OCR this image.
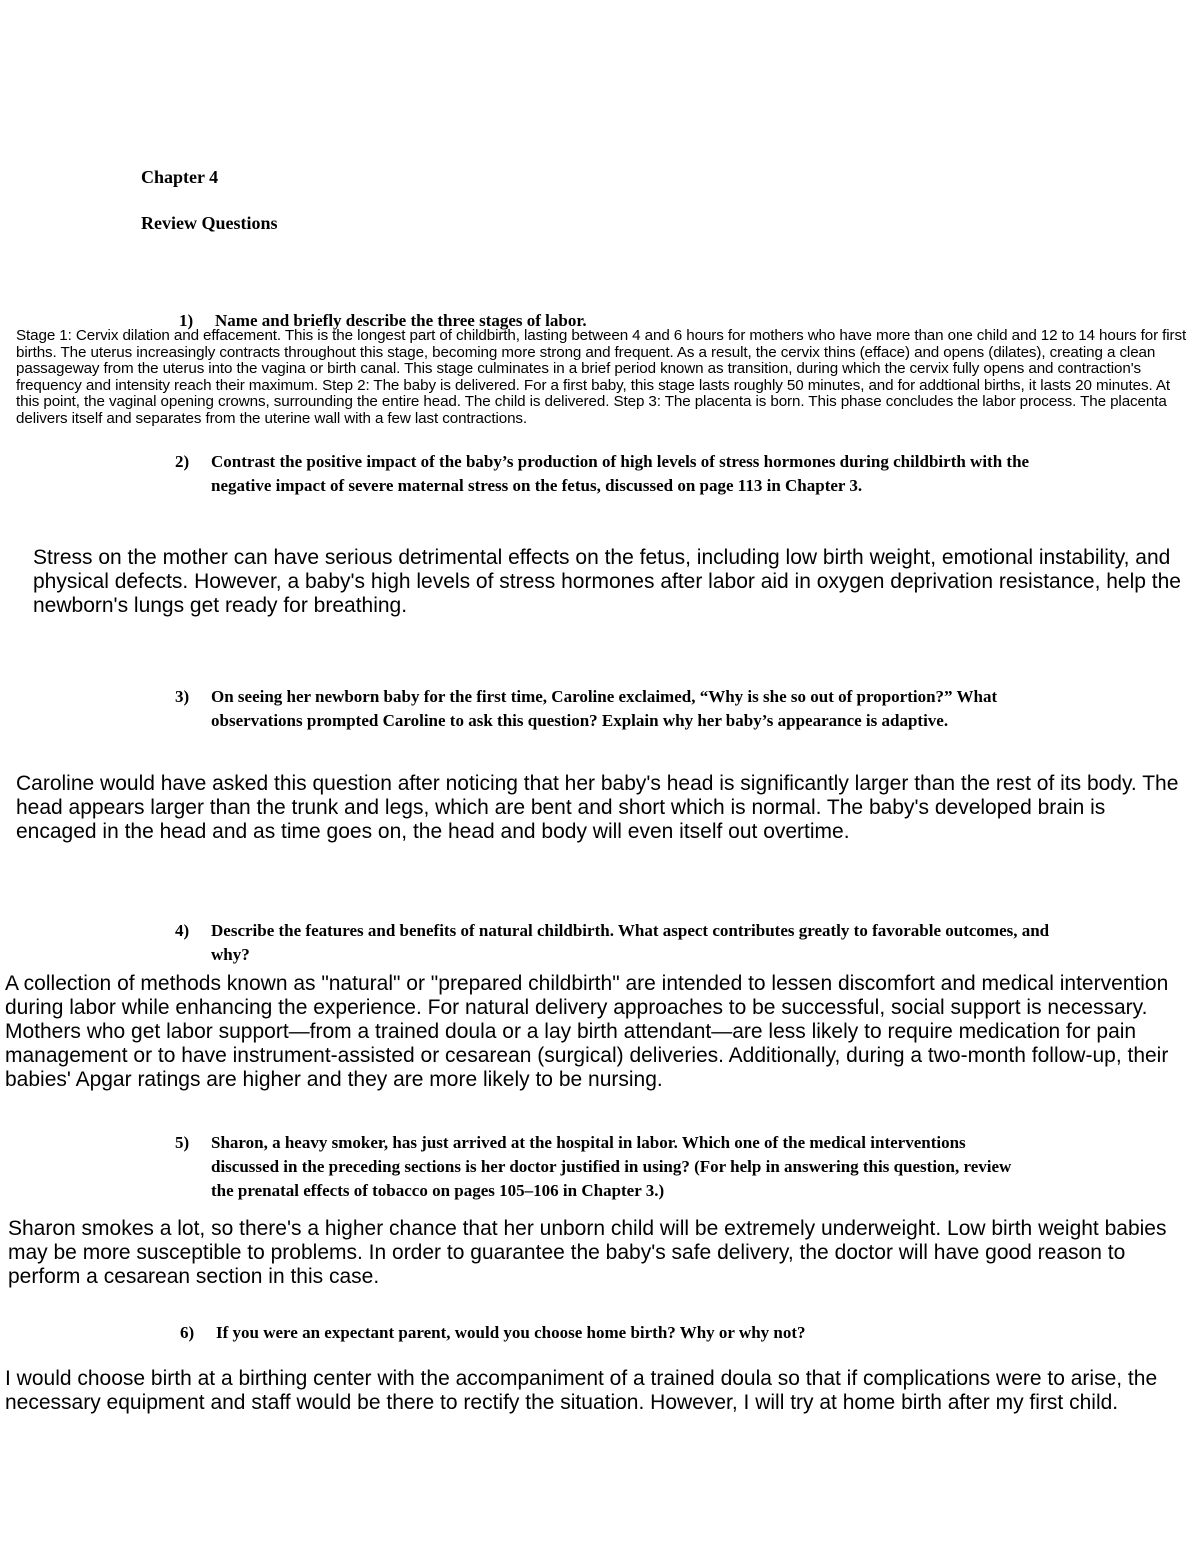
Chapter 4

Review Questions

1) Name and briefly describe the three stages of labor.

Stage 1: Cervix dilation and effacement. This is the longest part of childbirth, lasting between 4 and 6 hours for mothers who have more than one child and 12 to 14 hours for first births. The uterus increasingly contracts throughout this stage, becoming more strong and frequent. As a result, the cervix thins (efface) and opens (dilates), creating a clean passageway from the uterus into the vagina or birth canal. This stage culminates in a brief period known as transition, during which the cervix fully opens and contraction's frequency and intensity reach their maximum. Step 2: The baby is delivered. For a first baby, this stage lasts roughly 50 minutes, and for addtional births, it lasts 20 minutes. At this point, the vaginal opening crowns, surrounding the entire head. The child is delivered. Step 3: The placenta is born. This phase concludes the labor process. The placenta delivers itself and separates from the uterine wall with a few last contractions.

2) Contrast the positive impact of the baby’s production of high levels of stress hormones during childbirth with the negative impact of severe maternal stress on the fetus, discussed on page 113 in Chapter 3.

Stress on the mother can have serious detrimental effects on the fetus, including low birth weight, emotional instability, and physical defects. However, a baby's high levels of stress hormones after labor aid in oxygen deprivation resistance, help the newborn's lungs get ready for breathing.

3) On seeing her newborn baby for the first time, Caroline exclaimed, “Why is she so out of proportion?” What observations prompted Caroline to ask this question? Explain why her baby’s appearance is adaptive.

Caroline would have asked this question after noticing that her baby's head is significantly larger than the rest of its body. The head appears larger than the trunk and legs, which are bent and short which is normal. The baby's developed brain is encaged in the head and as time goes on, the head and body will even itself out overtime.

4) Describe the features and benefits of natural childbirth. What aspect contributes greatly to favorable outcomes, and why?

A collection of methods known as "natural" or "prepared childbirth" are intended to lessen discomfort and medical intervention during labor while enhancing the experience. For natural delivery approaches to be successful, social support is necessary. Mothers who get labor support—from a trained doula or a lay birth attendant—are less likely to require medication for pain management or to have instrument-assisted or cesarean (surgical) deliveries. Additionally, during a two-month follow-up, their babies' Apgar ratings are higher and they are more likely to be nursing.

5) Sharon, a heavy smoker, has just arrived at the hospital in labor. Which one of the medical interventions discussed in the preceding sections is her doctor justified in using? (For help in answering this question, review the prenatal effects of tobacco on pages 105–106 in Chapter 3.)

Sharon smokes a lot, so there's a higher chance that her unborn child will be extremely underweight. Low birth weight babies may be more susceptible to problems. In order to guarantee the baby's safe delivery, the doctor will have good reason to perform a cesarean section in this case.

6) If you were an expectant parent, would you choose home birth? Why or why not?

I would choose birth at a birthing center with the accompaniment of a trained doula so that if complications were to arise, the necessary equipment and staff would be there to rectify the situation. However, I will try at home birth after my first child.
